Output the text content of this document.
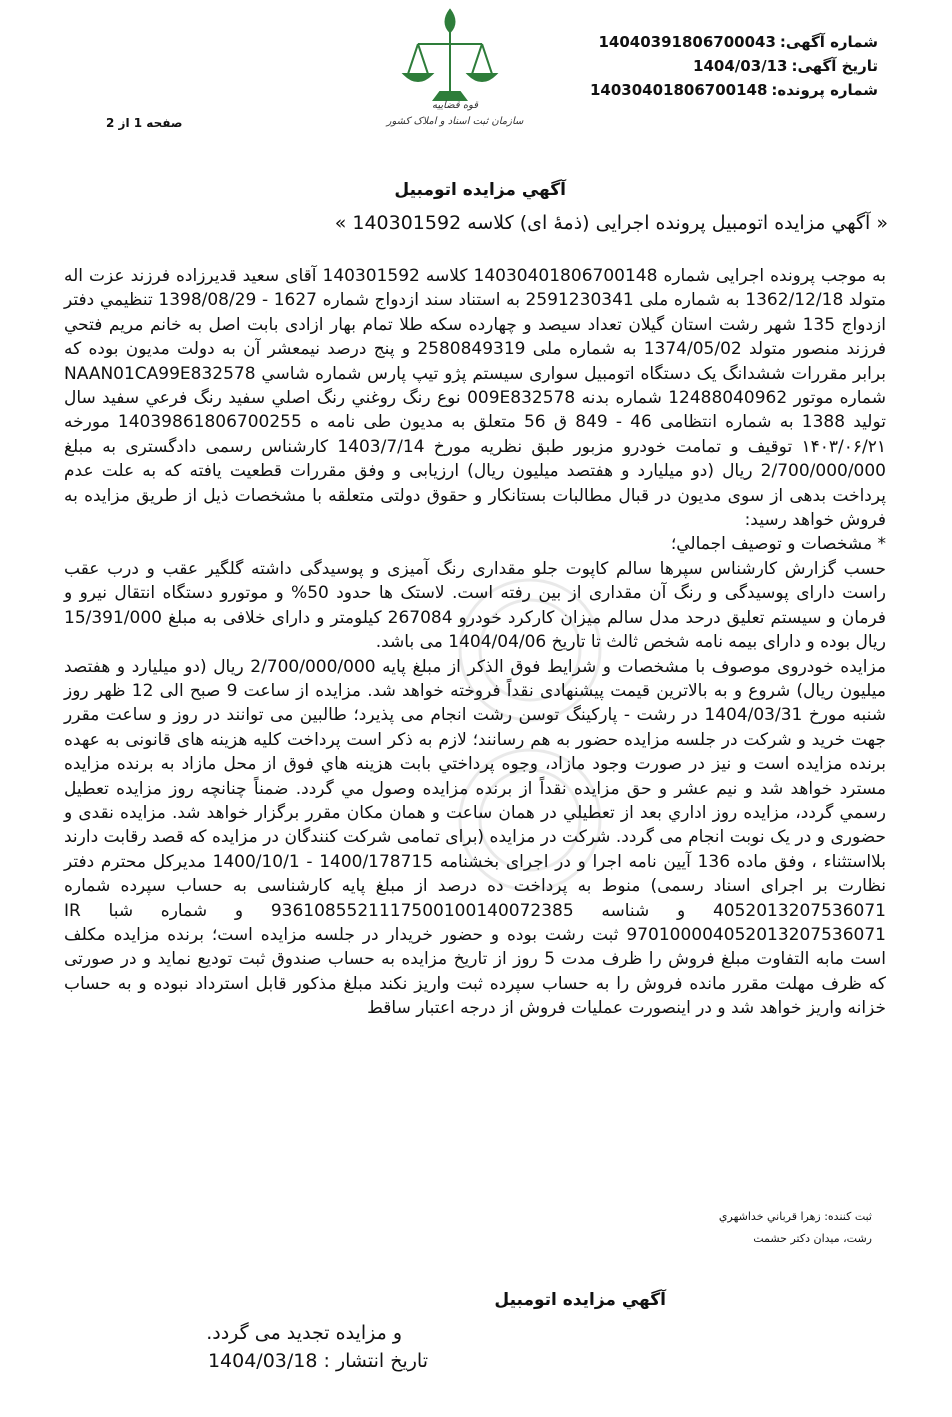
شماره آگهی:14040391806700043
تاریخ آگهی:1404/03/13
شماره پرونده:14030401806700148
قوه قضاییه
سازمان ثبت اسناد و املاک کشور
صفحه 1 از 2
آگهي مزايده اتومبيل
« آگهي مزايده اتومبيل پرونده اجرايی (ذمهٔ ای) کلاسه 140301592 »

به موجب پرونده اجرايی شماره 14030401806700148 کلاسه 140301592 آقای سعيد قديرزاده فرزند عزت اله متولد 1362/12/18 به شماره ملی 2591230341 به استناد سند ازدواج شماره 1627 - 1398/08/29 تنظيمي دفتر ازدواج 135 شهر رشت استان گيلان تعداد سيصد و چهارده سکه طلا تمام بهار ازادی بابت اصل به خانم مريم فتحي فرزند منصور متولد 1374/05/02 به شماره ملی 2580849319 و پنج درصد نيمعشر آن به دولت مديون بوده که برابر مقررات ششدانگ يک دستگاه اتومبيل سواری سيستم پژو تيپ پارس شماره شاسي NAAN01CA99E832578 شماره موتور 12488040962 شماره بدنه 009E832578 نوع رنگ روغني رنگ اصلي سفيد رنگ فرعي سفيد سال توليد 1388 به شماره انتظامی 46 - 849 ق 56 متعلق به مديون طی نامه ه 14039861806700255 مورخه ۱۴۰۳/۰۶/۲۱ توقيف و تمامت خودرو مزبور طبق نظريه مورخ 1403/7/14 کارشناس رسمی دادگستری به مبلغ 2/700/000/000 ريال (دو ميليارد و هفتصد ميليون ريال) ارزيابی و وفق مقررات قطعيت يافته که به علت عدم پرداخت بدهی از سوی مديون در قبال مطالبات بستانکار و حقوق دولتی متعلقه با مشخصات ذيل از طريق مزايده به فروش خواهد رسيد:
* مشخصات و توصيف اجمالي؛
حسب گزارش کارشناس سپرها سالم کاپوت جلو مقداری رنگ آميزی و پوسيدگی داشته گلگير عقب و درب عقب راست دارای پوسيدگی و رنگ آن مقداری از بين رفته است. لاستک ها حدود 50% و موتورو دستگاه انتقال نيرو و فرمان و سيستم تعليق درحد مدل سالم ميزان کارکرد خودرو 267084 کيلومتر و دارای خلافی به مبلغ 15/391/000 ريال بوده و دارای بيمه نامه شخص ثالث تا تاريخ 1404/04/06 می باشد.
مزايده خودروی موصوف با مشخصات و شرايط فوق الذکر از مبلغ پايه 2/700/000/000 ريال (دو ميليارد و هفتصد ميليون ريال) شروع و به بالاترين قيمت پيشنهادی نقداً فروخته خواهد شد. مزايده از ساعت 9 صبح الی 12 ظهر روز شنبه مورخ 1404/03/31 در رشت - پارکينگ توسن رشت انجام می پذيرد؛ طالبين می توانند در روز و ساعت مقرر جهت خريد و شرکت در جلسه مزايده حضور به هم رسانند؛ لازم به ذکر است پرداخت کليه هزينه های قانونی به عهده برنده مزايده است و نيز در صورت وجود مازاد، وجوه پرداختي بابت هزينه هاي فوق از محل مازاد به برنده مزايده مسترد خواهد شد و نيم عشر و حق مزايده نقداً از برنده مزايده وصول مي گردد. ضمناً چنانچه روز مزايده تعطيل رسمي گردد، مزايده روز اداري بعد از تعطيلي در همان ساعت و همان مکان مقرر برگزار خواهد شد. مزايده نقدی و حضوری و در يک نوبت انجام می گردد. شرکت در مزايده (برای تمامی شرکت کنندگان در مزايده که قصد رقابت دارند بلااستثناء ، وفق ماده 136 آيين نامه اجرا و در اجرای بخشنامه 1400/178715 - 1400/10/1 مديرکل محترم دفتر نظارت بر اجرای اسناد رسمی) منوط به پرداخت ده درصد از مبلغ پايه کارشناسی به حساب سپرده شماره 4052013207536071 و شناسه 9361085521117500100140072385 و شماره شبا IR 970100004052013207536071 ثبت رشت بوده و حضور خريدار در جلسه مزايده است؛ برنده مزايده مکلف است مابه التفاوت مبلغ فروش را ظرف مدت 5 روز از تاريخ مزايده به حساب صندوق ثبت توديع نمايد و در صورتی که ظرف مهلت مقرر مانده فروش را به حساب سپرده ثبت واريز نکند مبلغ مذکور قابل استرداد نبوده و به حساب خزانه واريز خواهد شد و در اينصورت عمليات فروش از درجه اعتبار ساقط

ثبت کننده: زهرا قرباني خداشهري
رشت، ميدان دکتر حشمت
آگهي مزايده اتومبيل
و مزايده تجديد می گردد.
تاريخ انتشار : 1404/03/18
